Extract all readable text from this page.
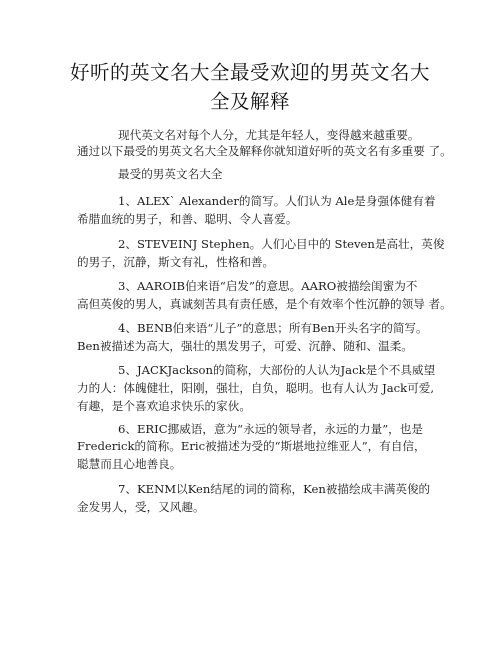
好听的英文名大全最受欢迎的男英文名大
全及解释
现代英文名对每个人分，尤其是年轻人，变得越来越重要。
通过以下最受的男英文名大全及解释你就知道好听的英文名有多重要 了。
最受的男英文名大全
1、ALEX` Alexander的简写。人们认为 Ale是身强体健有着
希腊血统的男子，和善、聪明、令人喜爱。
2、STEVEINJ Stephen。人们心目中的 Steven是高壮，英俊
的男子，沉静，斯文有礼，性格和善。
3、AAROIB伯来语“启发”的意思。AARO被描绘闺蜜为不
高但英俊的男人，真诚刻苦具有责任感，是个有效率个性沉静的领导 者。
4、BENB伯来语“儿子”的意思；所有Ben开头名字的简写。
Ben被描述为高大，强壮的黑发男子，可爱、沉静、随和、温柔。
5、JACKJackson的简称，大部份的人认为Jack是个不具威望
力的人：体魄健壮，阳刚，强壮，自负，聪明。也有人认为 Jack可爱,
有趣，是个喜欢追求快乐的家伙。
6、ERIC挪威语，意为“永远的领导者，永远的力量”，也是
Frederick的简称。Eric被描述为受的“斯堪地拉维亚人”，有自信，
聪慧而且心地善良。
7、KENM以Ken结尾的词的简称，Ken被描绘成丰满英俊的
金发男人，受，又风趣。
